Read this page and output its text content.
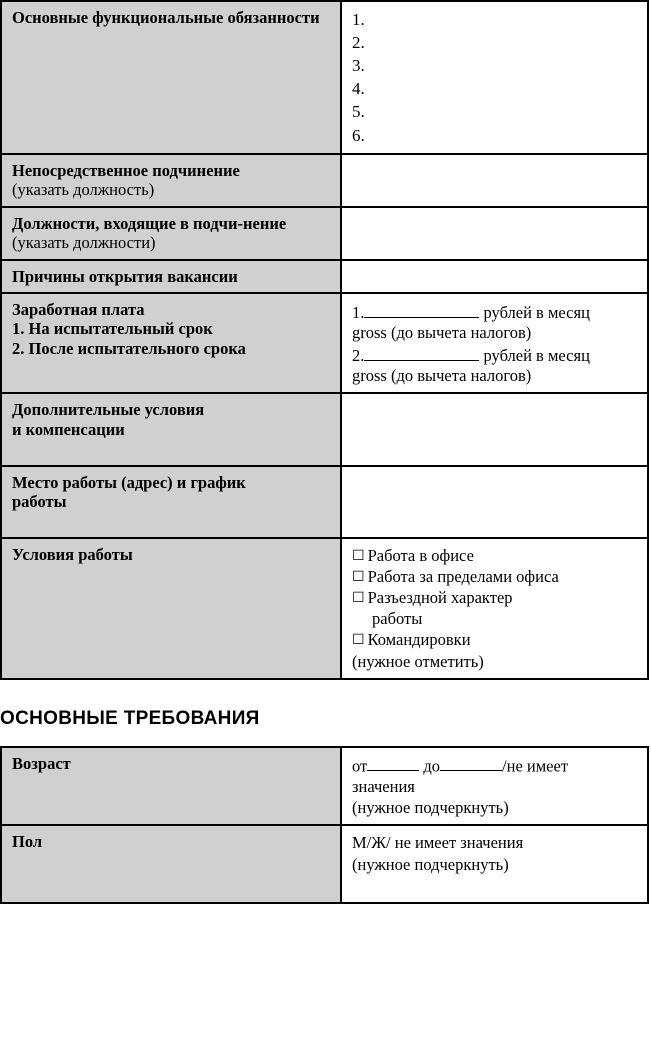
Основные функциональные обязанности	1.
2.
3.
4.
5.
6.

Непосредственное подчинение
(указать должность)	

Должности, входящие в подчи-нение (указать должности)	

Причины открытия вакансии	
Заработная плата
1. На испытательный срок
2. После испытательного срока	1. рублей в месяц
gross (до вычета налогов)
2. рублей в месяц
gross (до вычета налогов)

Дополнительные условия
и компенсации	

Место работы (адрес) и график
работы	

Условия работы	☐ Работа в офисе
☐ Работа за пределами офиса
☐ Разъездной характер
работы
☐ Командировки
(нужное отметить)
ОСНОВНЫЕ ТРЕБОВАНИЯ
Возраст	от до /не имеет
значения
(нужное подчеркнуть)

Пол	М/Ж/ не имеет значения
(нужное подчеркнуть)
